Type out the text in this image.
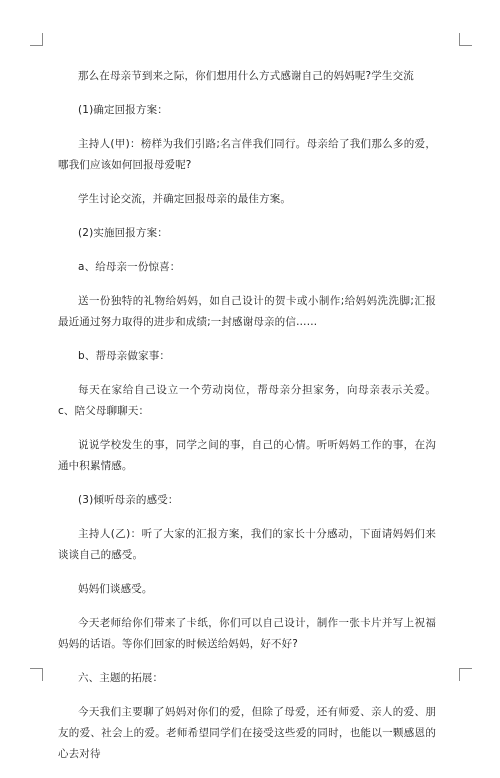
那么在母亲节到来之际，你们想用什么方式感谢自己的妈妈呢?学生交流

(1)确定回报方案：

主持人(甲)：榜样为我们引路;名言伴我们同行。母亲给了我们那么多的爱，哪我们应该如何回报母爱呢?

学生讨论交流，并确定回报母亲的最佳方案。

(2)实施回报方案：

a、给母亲一份惊喜：

送一份独特的礼物给妈妈，如自己设计的贺卡或小制作;给妈妈洗洗脚;汇报最近通过努力取得的进步和成绩;一封感谢母亲的信……

b、帮母亲做家事：

每天在家给自己设立一个劳动岗位，帮母亲分担家务，向母亲表示关爱。 c、陪父母聊聊天：

说说学校发生的事，同学之间的事，自己的心情。听听妈妈工作的事，在沟通中积累情感。

(3)倾听母亲的感受：

主持人(乙)：听了大家的汇报方案，我们的家长十分感动，下面请妈妈们来谈谈自己的感受。

妈妈们谈感受。

今天老师给你们带来了卡纸，你们可以自己设计，制作一张卡片并写上祝福妈妈的话语。等你们回家的时候送给妈妈，好不好?

六、主题的拓展：

今天我们主要聊了妈妈对你们的爱，但除了母爱，还有师爱、亲人的爱、朋友的爱、社会上的爱。老师希望同学们在接受这些爱的同时，也能以一颗感恩的心去对待
